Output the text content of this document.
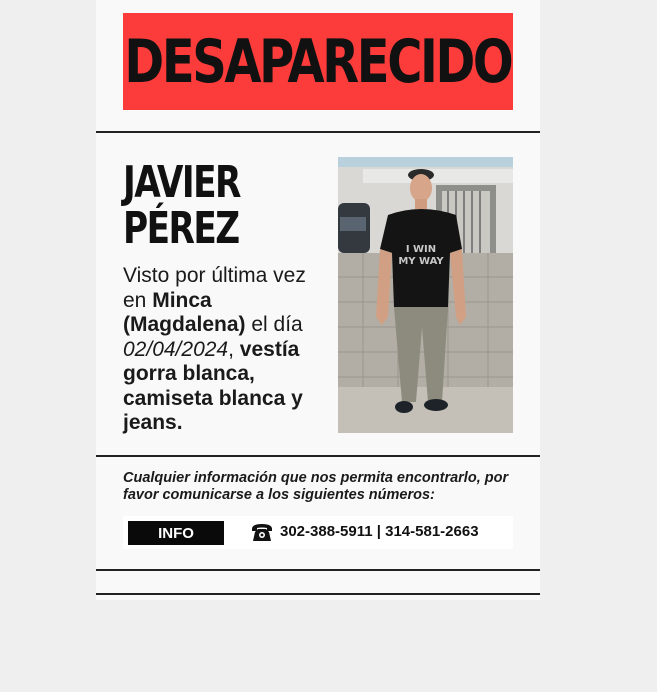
DESAPARECIDO
JAVIER
PÉREZ
Visto por última vez en Minca (Magdalena) el día 02/04/2024, vestía gorra blanca, camiseta blanca y jeans.
I WIN
MY WAY
Cualquier información que nos permita encontrarlo, por favor comunicarse a los siguientes números:
INFO	302-388-5911 | 314-581-2663
